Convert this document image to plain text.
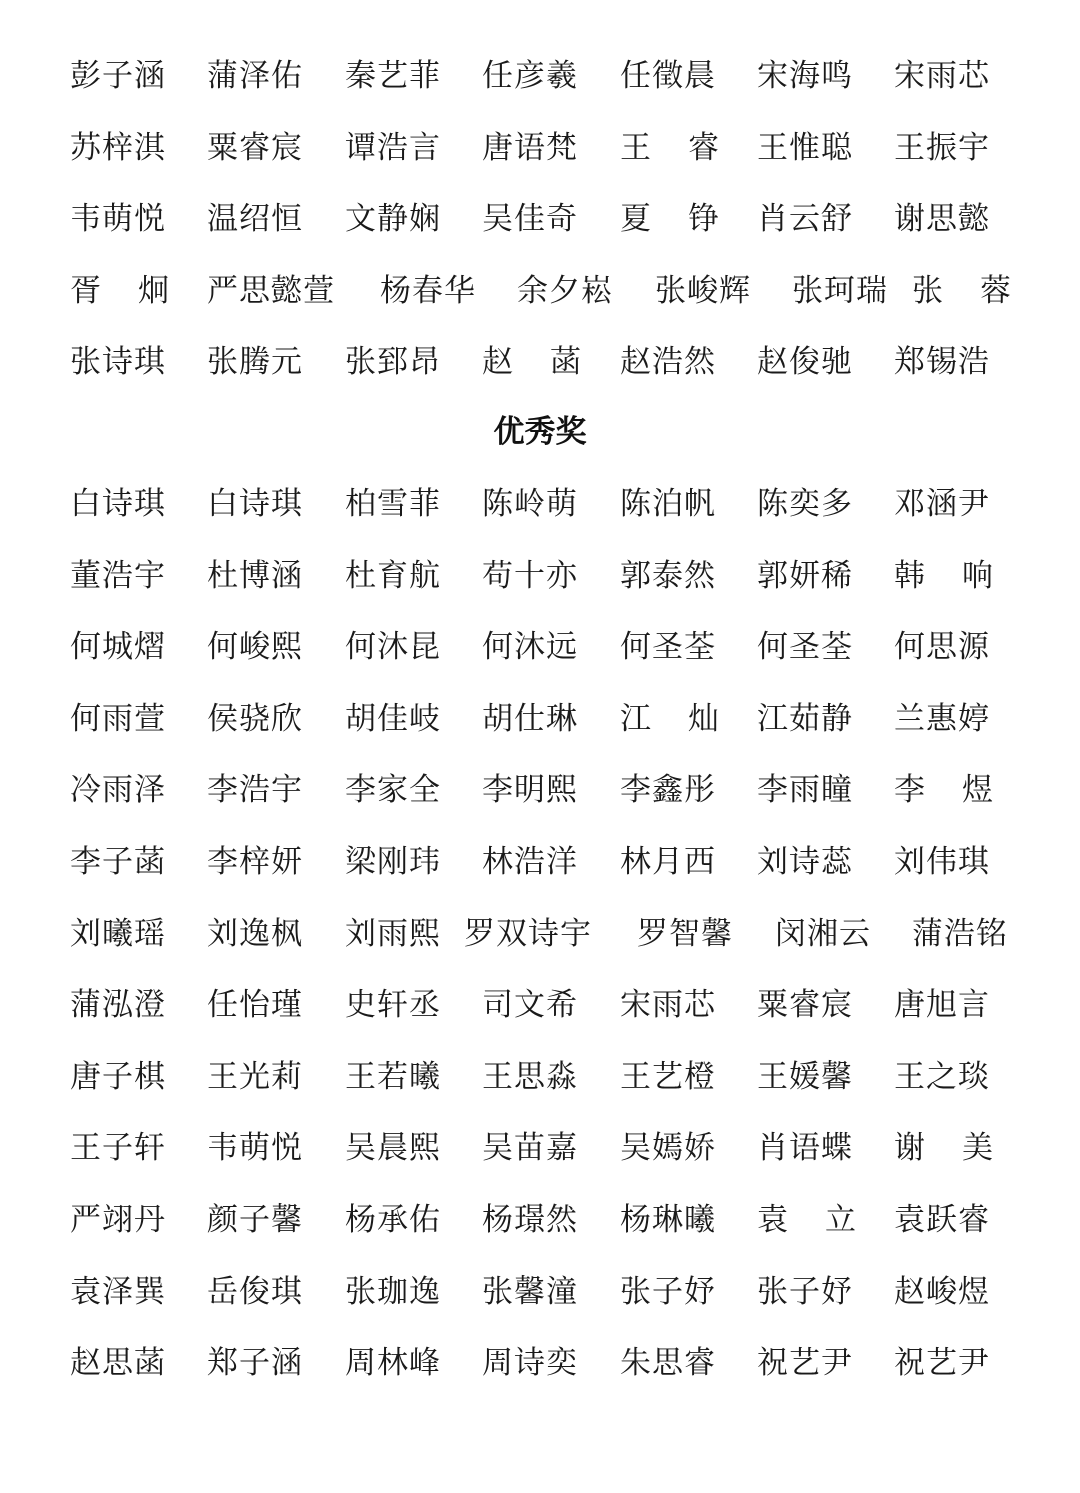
彭子涵 蒲泽佑 秦艺菲 任彦羲 任徵晨 宋海鸣 宋雨芯
苏梓淇 粟睿宸 谭浩言 唐语梵 王 睿 王惟聪 王振宇
韦萌悦 温绍恒 文静娴 吴佳奇 夏 铮 肖云舒 谢思懿
胥 炯 严思懿萱 杨春华 余夕崧 张峻辉 张珂瑞 张 蓉
张诗琪 张腾元 张郅昂 赵 菡 赵浩然 赵俊驰 郑锡浩
优秀奖
白诗琪 白诗琪 柏雪菲 陈岭萌 陈泊帆 陈奕多 邓涵尹
董浩宇 杜博涵 杜育航 苟十亦 郭泰然 郭妍稀 韩 响
何城熠 何峻熙 何沐昆 何沐远 何圣荃 何圣荃 何思源
何雨萱 侯骁欣 胡佳岐 胡仕琳 江 灿 江茹静 兰惠婷
冷雨泽 李浩宇 李家全 李明熙 李鑫彤 李雨瞳 李 煜
李子菡 李梓妍 梁刚玮 林浩洋 林月西 刘诗蕊 刘伟琪
刘曦瑶 刘逸枫 刘雨熙 罗双诗宇 罗智馨 闵湘云 蒲浩铭
蒲泓澄 任怡瑾 史轩丞 司文希 宋雨芯 粟睿宸 唐旭言
唐子棋 王光莉 王若曦 王思淼 王艺橙 王媛馨 王之琰
王子轩 韦萌悦 吴晨熙 吴苗嘉 吴嫣娇 肖语蝶 谢 美
严翊丹 颜子馨 杨承佑 杨璟然 杨琳曦 袁 立 袁跃睿
袁泽巽 岳俊琪 张珈逸 张馨潼 张子妤 张子妤 赵峻煜
赵思菡 郑子涵 周林峰 周诗奕 朱思睿 祝艺尹 祝艺尹
